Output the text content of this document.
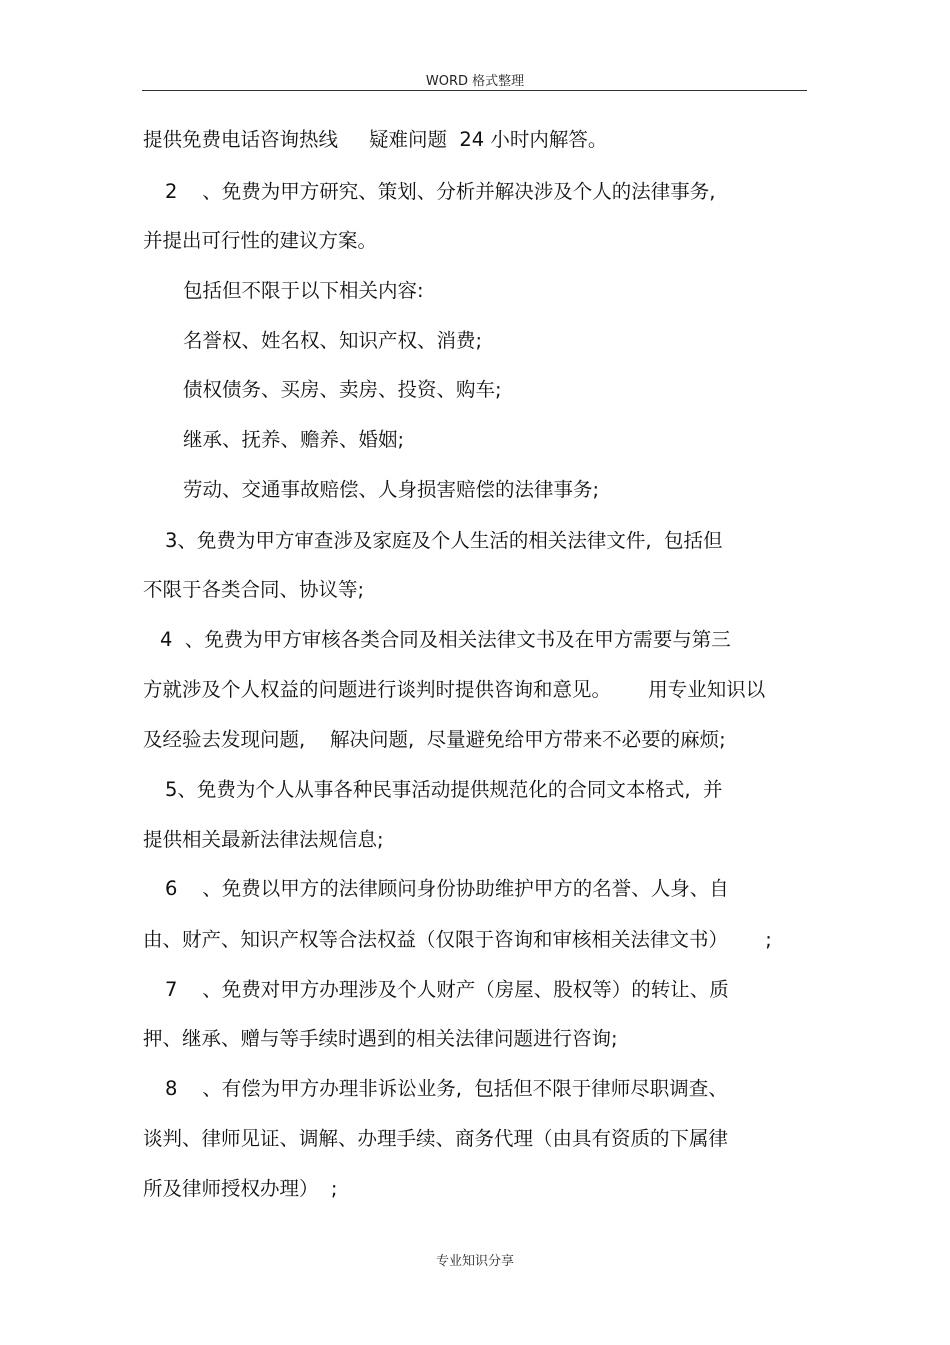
WORD 格式整理
提供免费电话咨询热线     疑难问题  24 小时内解答。
2    、免费为甲方研究、策划、分析并解决涉及个人的法律事务,
并提出可行性的建议方案。
包括但不限于以下相关内容:
名誉权、姓名权、知识产权、消费;
债权债务、买房、卖房、投资、购车;
继承、抚养、赡养、婚姻;
劳动、交通事故赔偿、人身损害赔偿的法律事务;
3、免费为甲方审查涉及家庭及个人生活的相关法律文件,  包括但
不限于各类合同、协议等;
4  、免费为甲方审核各类合同及相关法律文书及在甲方需要与第三
方就涉及个人权益的问题进行谈判时提供咨询和意见。      用专业知识以
及经验去发现问题,    解决问题,  尽量避免给甲方带来不必要的麻烦;
5、免费为个人从事各种民事活动提供规范化的合同文本格式,  并
提供相关最新法律法规信息;
6    、免费以甲方的法律顾问身份协助维护甲方的名誉、人身、自
由、财产、知识产权等合法权益（仅限于咨询和审核相关法律文书）      ;
7    、免费对甲方办理涉及个人财产（房屋、股权等）的转让、质
押、继承、赠与等手续时遇到的相关法律问题进行咨询;
8    、有偿为甲方办理非诉讼业务,  包括但不限于律师尽职调查、
谈判、律师见证、调解、办理手续、商务代理（由具有资质的下属律
所及律师授权办理）  ;
专业知识分享
